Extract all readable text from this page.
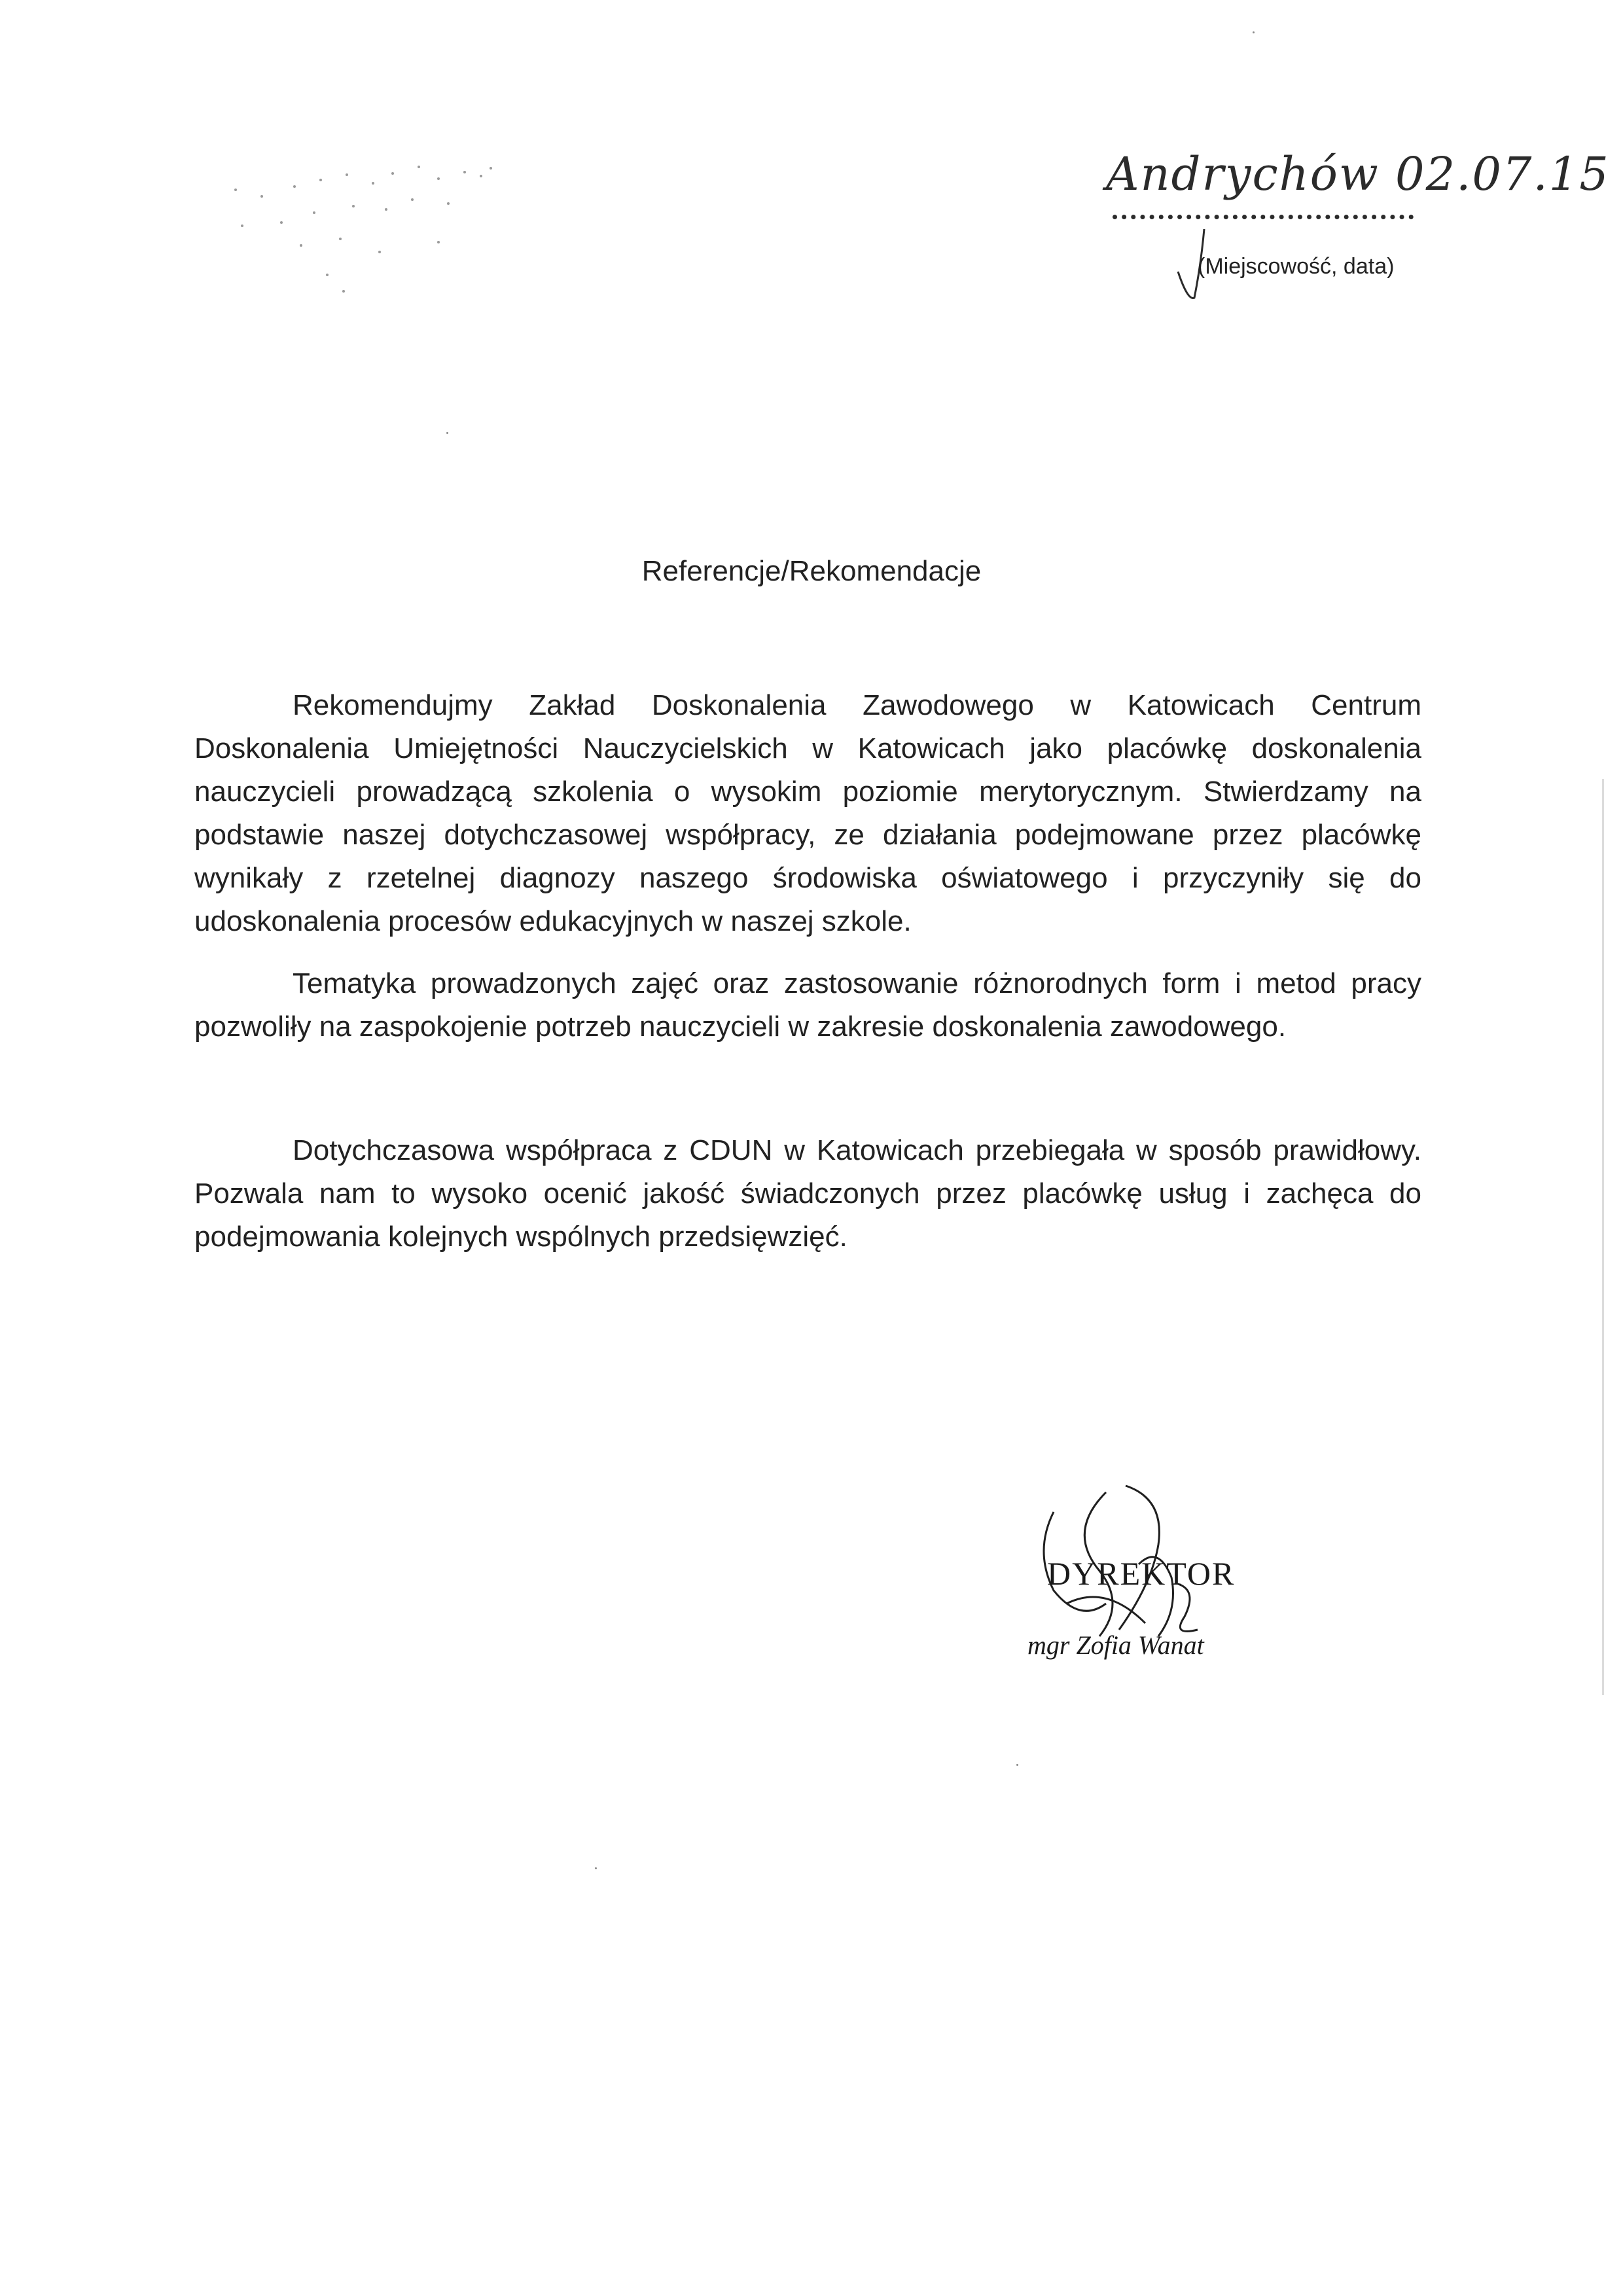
Andrychów 02.07.15
(Miejscowość, data)
Referencje/Rekomendacje

Rekomendujmy Zakład Doskonalenia Zawodowego w Katowicach Centrum Doskonalenia Umiejętności Nauczycielskich w Katowicach jako placówkę doskonalenia nauczycieli prowadzącą szkolenia o wysokim poziomie merytorycznym. Stwierdzamy na podstawie naszej dotychczasowej współpracy, ze działania podejmowane przez placówkę wynikały z rzetelnej diagnozy naszego środowiska oświatowego i przyczyniły się do udoskonalenia procesów edukacyjnych w naszej szkole.

Tematyka prowadzonych zajęć oraz zastosowanie różnorodnych form i metod pracy pozwoliły na zaspokojenie potrzeb nauczycieli w zakresie doskonalenia zawodowego.

Dotychczasowa współpraca z CDUN w Katowicach przebiegała w sposób prawidłowy. Pozwala nam to wysoko ocenić jakość świadczonych przez placówkę usług i zachęca do podejmowania kolejnych wspólnych przedsięwzięć.

DYREKTOR
mgr Zofia Wanat
